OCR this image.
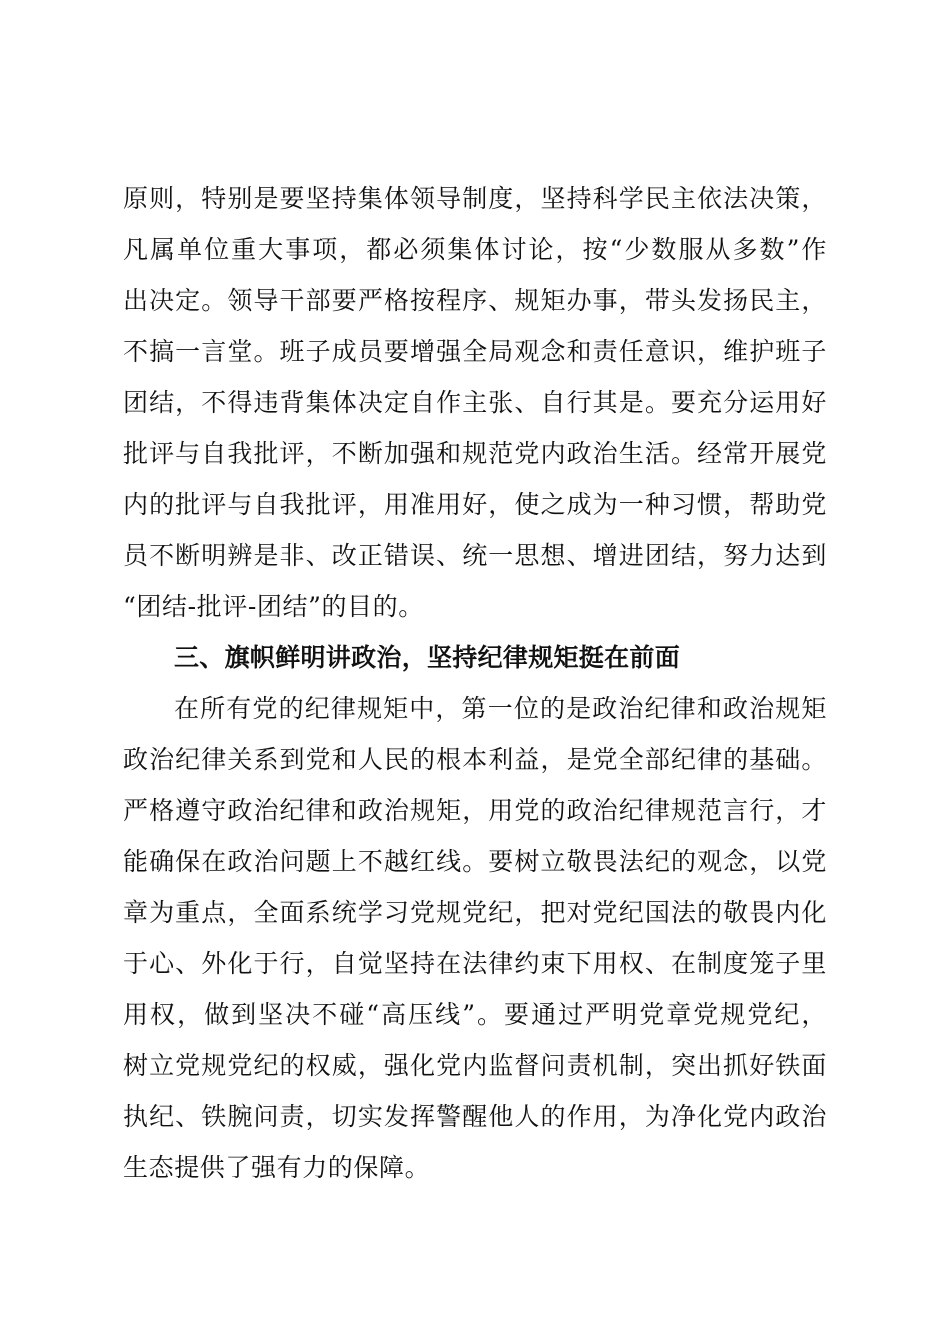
原则，特别是要坚持集体领导制度，坚持科学民主依法决策，
凡属单位重大事项，都必须集体讨论，按“少数服从多数”作
出决定。领导干部要严格按程序、规矩办事，带头发扬民主，
不搞一言堂。班子成员要增强全局观念和责任意识，维护班子
团结，不得违背集体决定自作主张、自行其是。要充分运用好
批评与自我批评，不断加强和规范党内政治生活。经常开展党
内的批评与自我批评，用准用好，使之成为一种习惯，帮助党
员不断明辨是非、改正错误、统一思想、增进团结，努力达到
“团结-批评-团结”的目的。
三、旗帜鲜明讲政治，坚持纪律规矩挺在前面
在所有党的纪律规矩中，第一位的是政治纪律和政治规矩
政治纪律关系到党和人民的根本利益，是党全部纪律的基础。
严格遵守政治纪律和政治规矩，用党的政治纪律规范言行，才
能确保在政治问题上不越红线。要树立敬畏法纪的观念，以党
章为重点，全面系统学习党规党纪，把对党纪国法的敬畏内化
于心、外化于行，自觉坚持在法律约束下用权、在制度笼子里
用权，做到坚决不碰“高压线”。要通过严明党章党规党纪，
树立党规党纪的权威，强化党内监督问责机制，突出抓好铁面
执纪、铁腕问责，切实发挥警醒他人的作用，为净化党内政治
生态提供了强有力的保障。
